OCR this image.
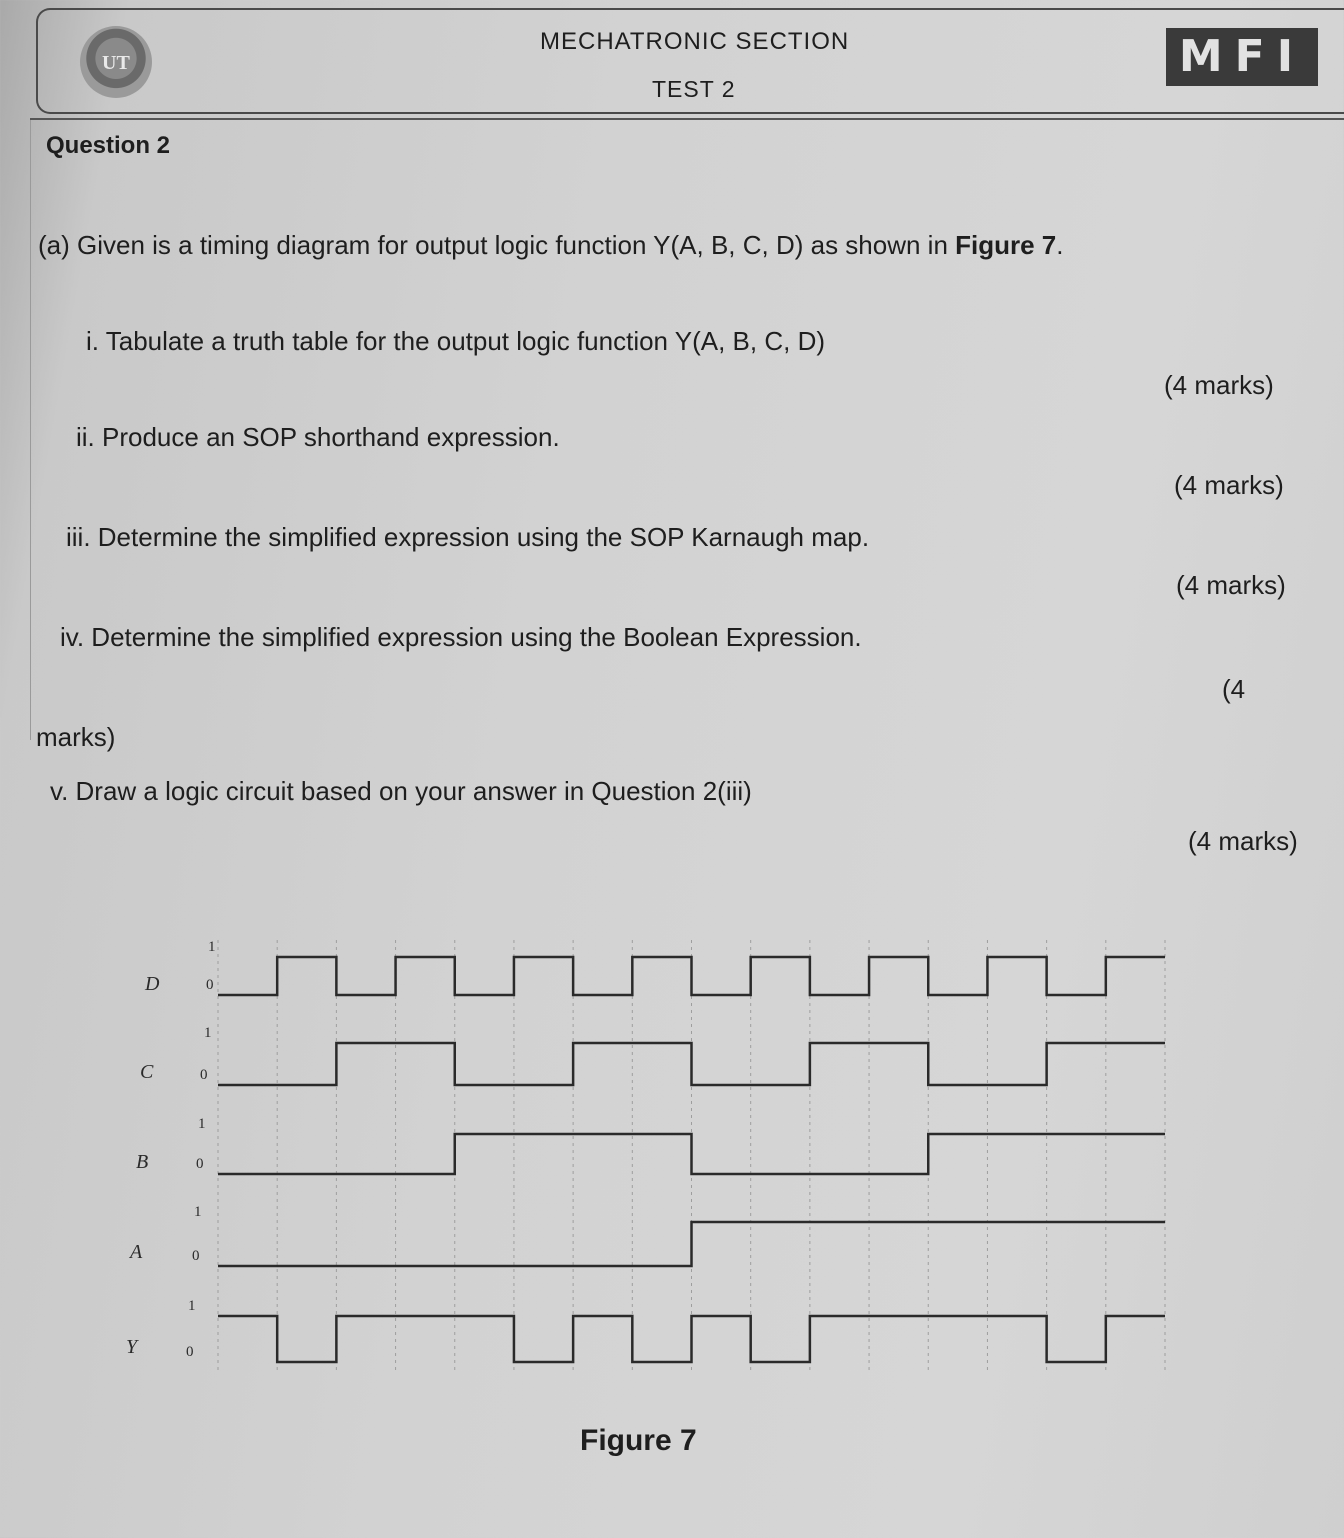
UT
MECHATRONIC SECTION
TEST 2
MFI
Question 2
(a) Given is a timing diagram for output logic function Y(A, B, C, D) as shown in Figure 7.
i. Tabulate a truth table for the output logic function Y(A, B, C, D)
(4 marks)
ii. Produce an SOP shorthand expression.
(4 marks)
iii. Determine the simplified expression using the SOP Karnaugh map.
(4 marks)
iv. Determine the simplified expression using the Boolean Expression.
(4
marks)
v. Draw a logic circuit based on your answer in Question 2(iii)
(4 marks)
D
1
0
C
1
0
B
1
0
A
1
0
Y
1
0
Figure 7
